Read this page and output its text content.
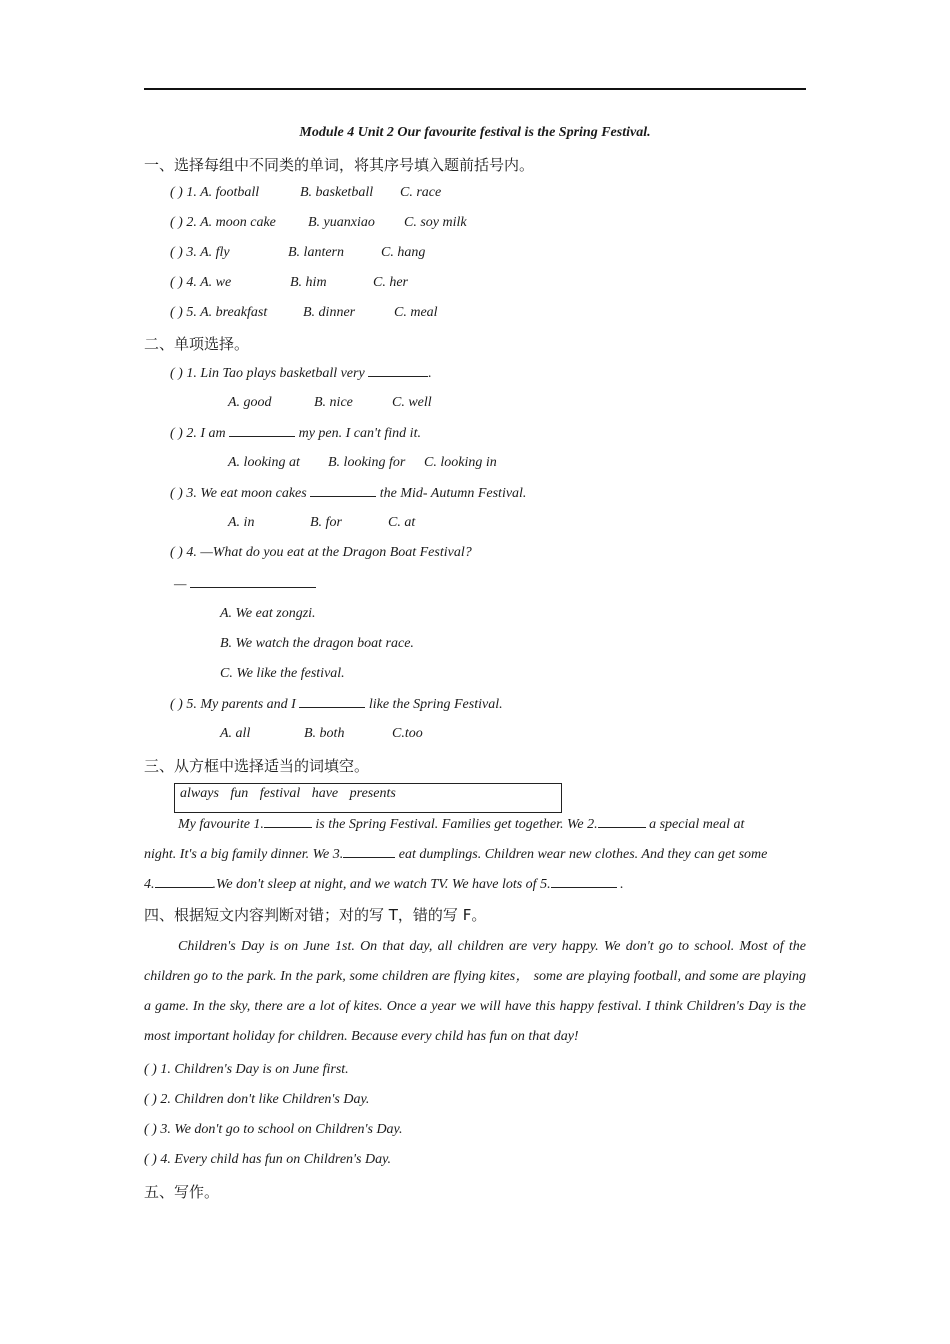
Module 4 Unit 2 Our favourite festival is the Spring Festival.
一、选择每组中不同类的单词，将其序号填入题前括号内。
( ) 1. A. football	B. basketball C. race
( ) 2. A. moon cake B. yuanxiao C. soy milk
( ) 3. A. fly	B. lantern	C. hang
( ) 4. A. we	B. him	C. her
( ) 5. A. breakfast	B. dinner	C. meal
二、单项选择。
( ) 1. Lin Tao plays basketball very	.
A. good	B. nice	C. well
( ) 2. I am	my pen. I can't find it.
A. looking at B. looking for C. looking in
( ) 3. We eat moon cakes	the Mid- Autumn Festival.
A. in	B. for	C. at
( ) 4. —What do you eat at the Dragon Boat Festival?
—
A. We eat zongzi.
B. We watch the dragon boat race.
C. We like the festival.
( ) 5. My parents and I	like the Spring Festival.
A. all	B. both	C.too
三、从方框中选择适当的词填空。
always fun festival have presents
My favourite 1.	is the Spring Festival. Families get together. We 2.	a special meal at
night. It's a big family dinner. We 3.	eat dumplings. Children wear new clothes. And they can get some
4.	.We don't sleep at night, and we watch TV. We have lots of 5.	.
四、根据短文内容判断对错；对的写 T，错的写 F。
Children's Day is on June 1st. On that day, all children are very happy. We don't go to school. Most of the children go to the park. In the park, some children are flying kites， some are playing football, and some are playing a game. In the sky, there are a lot of kites. Once a year we will have this happy festival. I think Children's Day is the most important holiday for children. Because every child has fun on that day!
( ) 1. Children's Day is on June first.
( ) 2. Children don't like Children's Day.
( ) 3. We don't go to school on Children's Day.
( ) 4. Every child has fun on Children's Day.
五、写作。
